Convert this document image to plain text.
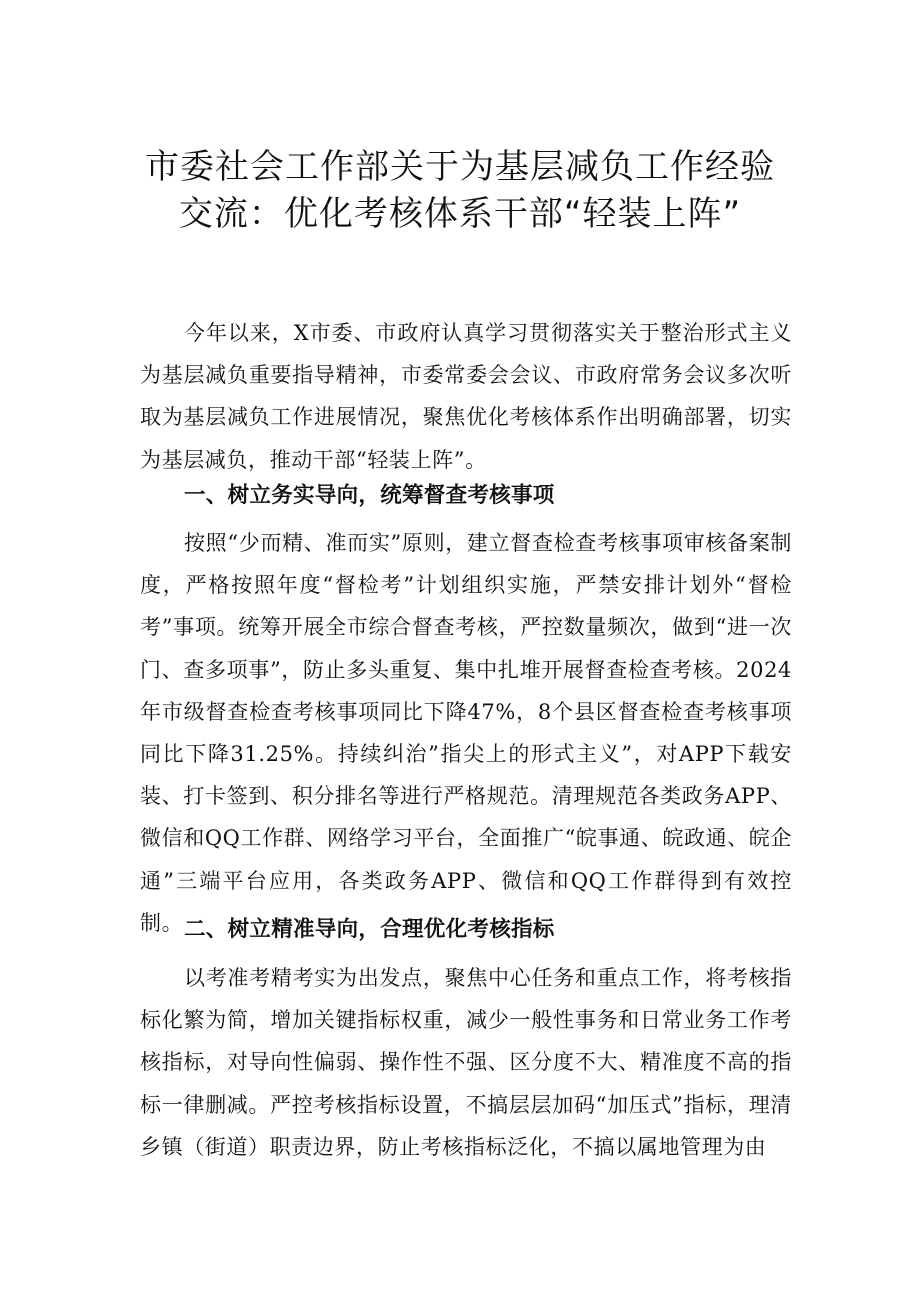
市委社会工作部关于为基层减负工作经验
交流：优化考核体系干部“轻装上阵”

今年以来，X市委、市政府认真学习贯彻落实关于整治形式主义为基层减负重要指导精神，市委常委会会议、市政府常务会议多次听取为基层减负工作进展情况，聚焦优化考核体系作出明确部署，切实为基层减负，推动干部“轻装上阵”。

一、树立务实导向，统筹督查考核事项

按照“少而精、准而实”原则，建立督查检查考核事项审核备案制度，严格按照年度“督检考”计划组织实施，严禁安排计划外“督检考”事项。统筹开展全市综合督查考核，严控数量频次，做到“进一次门、查多项事”，防止多头重复、集中扎堆开展督查检查考核。2024年市级督查检查考核事项同比下降47%，8个县区督查检查考核事项同比下降31.25%。持续纠治”指尖上的形式主义”，对APP下载安装、打卡签到、积分排名等进行严格规范。清理规范各类政务APP、微信和QQ工作群、网络学习平台，全面推广“皖事通、皖政通、皖企通”三端平台应用，各类政务APP、微信和QQ工作群得到有效控制。 二、树立精准导向，合理优化考核指标

以考准考精考实为出发点，聚焦中心任务和重点工作，将考核指标化繁为简，增加关键指标权重，减少一般性事务和日常业务工作考核指标，对导向性偏弱、操作性不强、区分度不大、精准度不高的指标一律删减。严控考核指标设置，不搞层层加码“加压式”指标，理清乡镇（街道）职责边界，防止考核指标泛化，不搞以属地管理为由
